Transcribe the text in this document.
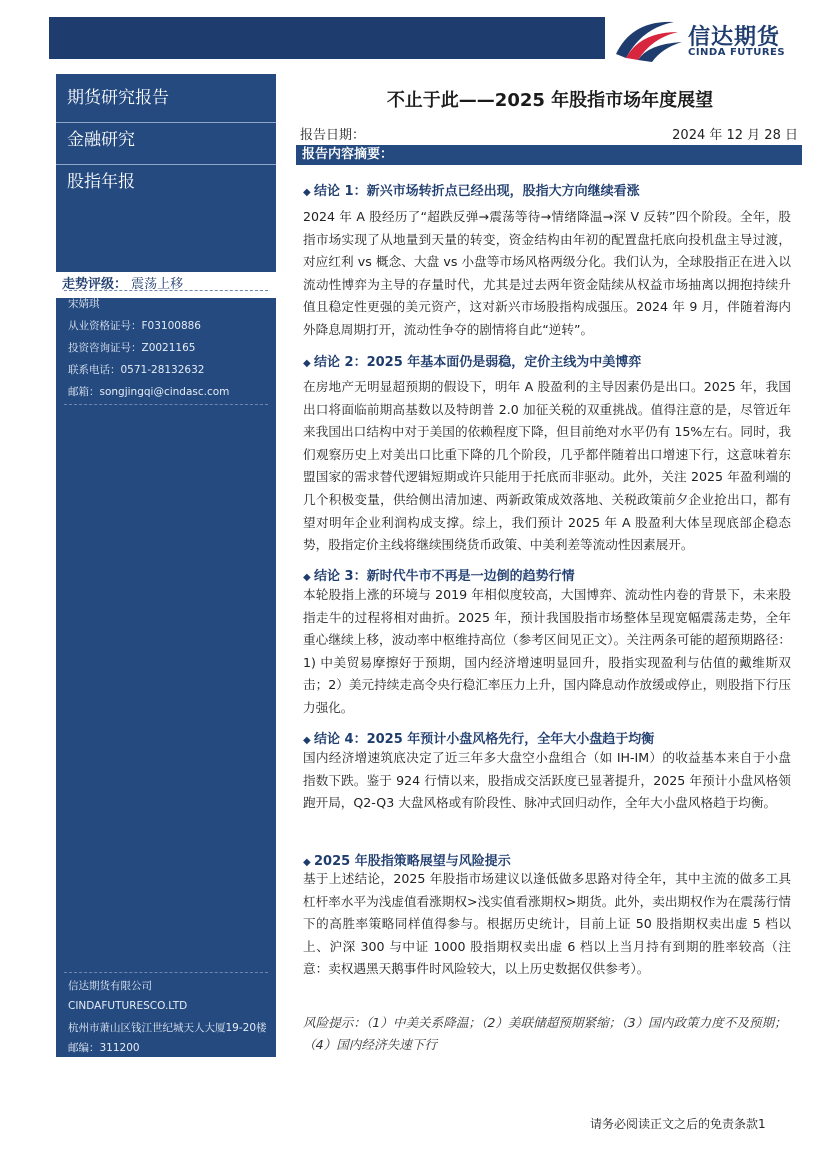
信达期货
CINDA FUTURES
期货研究报告
金融研究
股指年报
走势评级： 震荡上移
宋婧琪
从业资格证号：F03100886
投资咨询证号：Z0021165
联系电话：0571-28132632
邮箱：songjingqi@cindasc.com
信达期货有限公司
CINDAFUTURESCO.LTD
杭州市萧山区钱江世纪城天人大厦19-20楼
邮编：311200
不止于此——2025 年股指市场年度展望
报告日期：	2024 年 12 月 28 日
报告内容摘要：
◆ 结论 1：新兴市场转折点已经出现，股指大方向继续看涨
2024 年 A 股经历了“超跌反弹→震荡等待→情绪降温→深 V 反转”四个阶段。全年，股指市场实现了从地量到天量的转变，资金结构由年初的配置盘托底向投机盘主导过渡，对应红利 vs 概念、大盘 vs 小盘等市场风格两级分化。我们认为，全球股指正在进入以流动性博弈为主导的存量时代，尤其是过去两年资金陆续从权益市场抽离以拥抱持续升值且稳定性更强的美元资产，这对新兴市场股指构成强压。2024 年 9 月，伴随着海内外降息周期打开，流动性争夺的剧情将自此“逆转”。
◆ 结论 2：2025 年基本面仍是弱稳，定价主线为中美博弈
在房地产无明显超预期的假设下，明年 A 股盈利的主导因素仍是出口。2025 年，我国出口将面临前期高基数以及特朗普 2.0 加征关税的双重挑战。值得注意的是，尽管近年来我国出口结构中对于美国的依赖程度下降，但目前绝对水平仍有 15%左右。同时，我们观察历史上对美出口比重下降的几个阶段，几乎都伴随着出口增速下行，这意味着东盟国家的需求替代逻辑短期或许只能用于托底而非驱动。此外，关注 2025 年盈利端的几个积极变量，供给侧出清加速、两新政策成效落地、关税政策前夕企业抢出口，都有望对明年企业利润构成支撑。综上，我们预计 2025 年 A 股盈利大体呈现底部企稳态势，股指定价主线将继续围绕货币政策、中美利差等流动性因素展开。
◆ 结论 3：新时代牛市不再是一边倒的趋势行情
本轮股指上涨的环境与 2019 年相似度较高，大国博弈、流动性内卷的背景下，未来股指走牛的过程将相对曲折。2025 年，预计我国股指市场整体呈现宽幅震荡走势，全年重心继续上移，波动率中枢维持高位（参考区间见正文）。关注两条可能的超预期路径：1) 中美贸易摩擦好于预期，国内经济增速明显回升，股指实现盈利与估值的戴维斯双击；2）美元持续走高令央行稳汇率压力上升，国内降息动作放缓或停止，则股指下行压力强化。
◆ 结论 4：2025 年预计小盘风格先行，全年大小盘趋于均衡
国内经济增速筑底决定了近三年多大盘空小盘组合（如 IH-IM）的收益基本来自于小盘指数下跌。鉴于 924 行情以来，股指成交活跃度已显著提升，2025 年预计小盘风格领跑开局，Q2-Q3 大盘风格或有阶段性、脉冲式回归动作，全年大小盘风格趋于均衡。
◆ 2025 年股指策略展望与风险提示
基于上述结论，2025 年股指市场建议以逢低做多思路对待全年，其中主流的做多工具杠杆率水平为浅虚值看涨期权>浅实值看涨期权>期货。此外，卖出期权作为在震荡行情下的高胜率策略同样值得参与。根据历史统计，目前上证 50 股指期权卖出虚 5 档以上、沪深 300 与中证 1000 股指期权卖出虚 6 档以上当月持有到期的胜率较高（注意：卖权遇黑天鹅事件时风险较大，以上历史数据仅供参考）。
风险提示：（1）中美关系降温；（2）美联储超预期紧缩；（3）国内政策力度不及预期；（4）国内经济失速下行
请务必阅读正文之后的免责条款1
